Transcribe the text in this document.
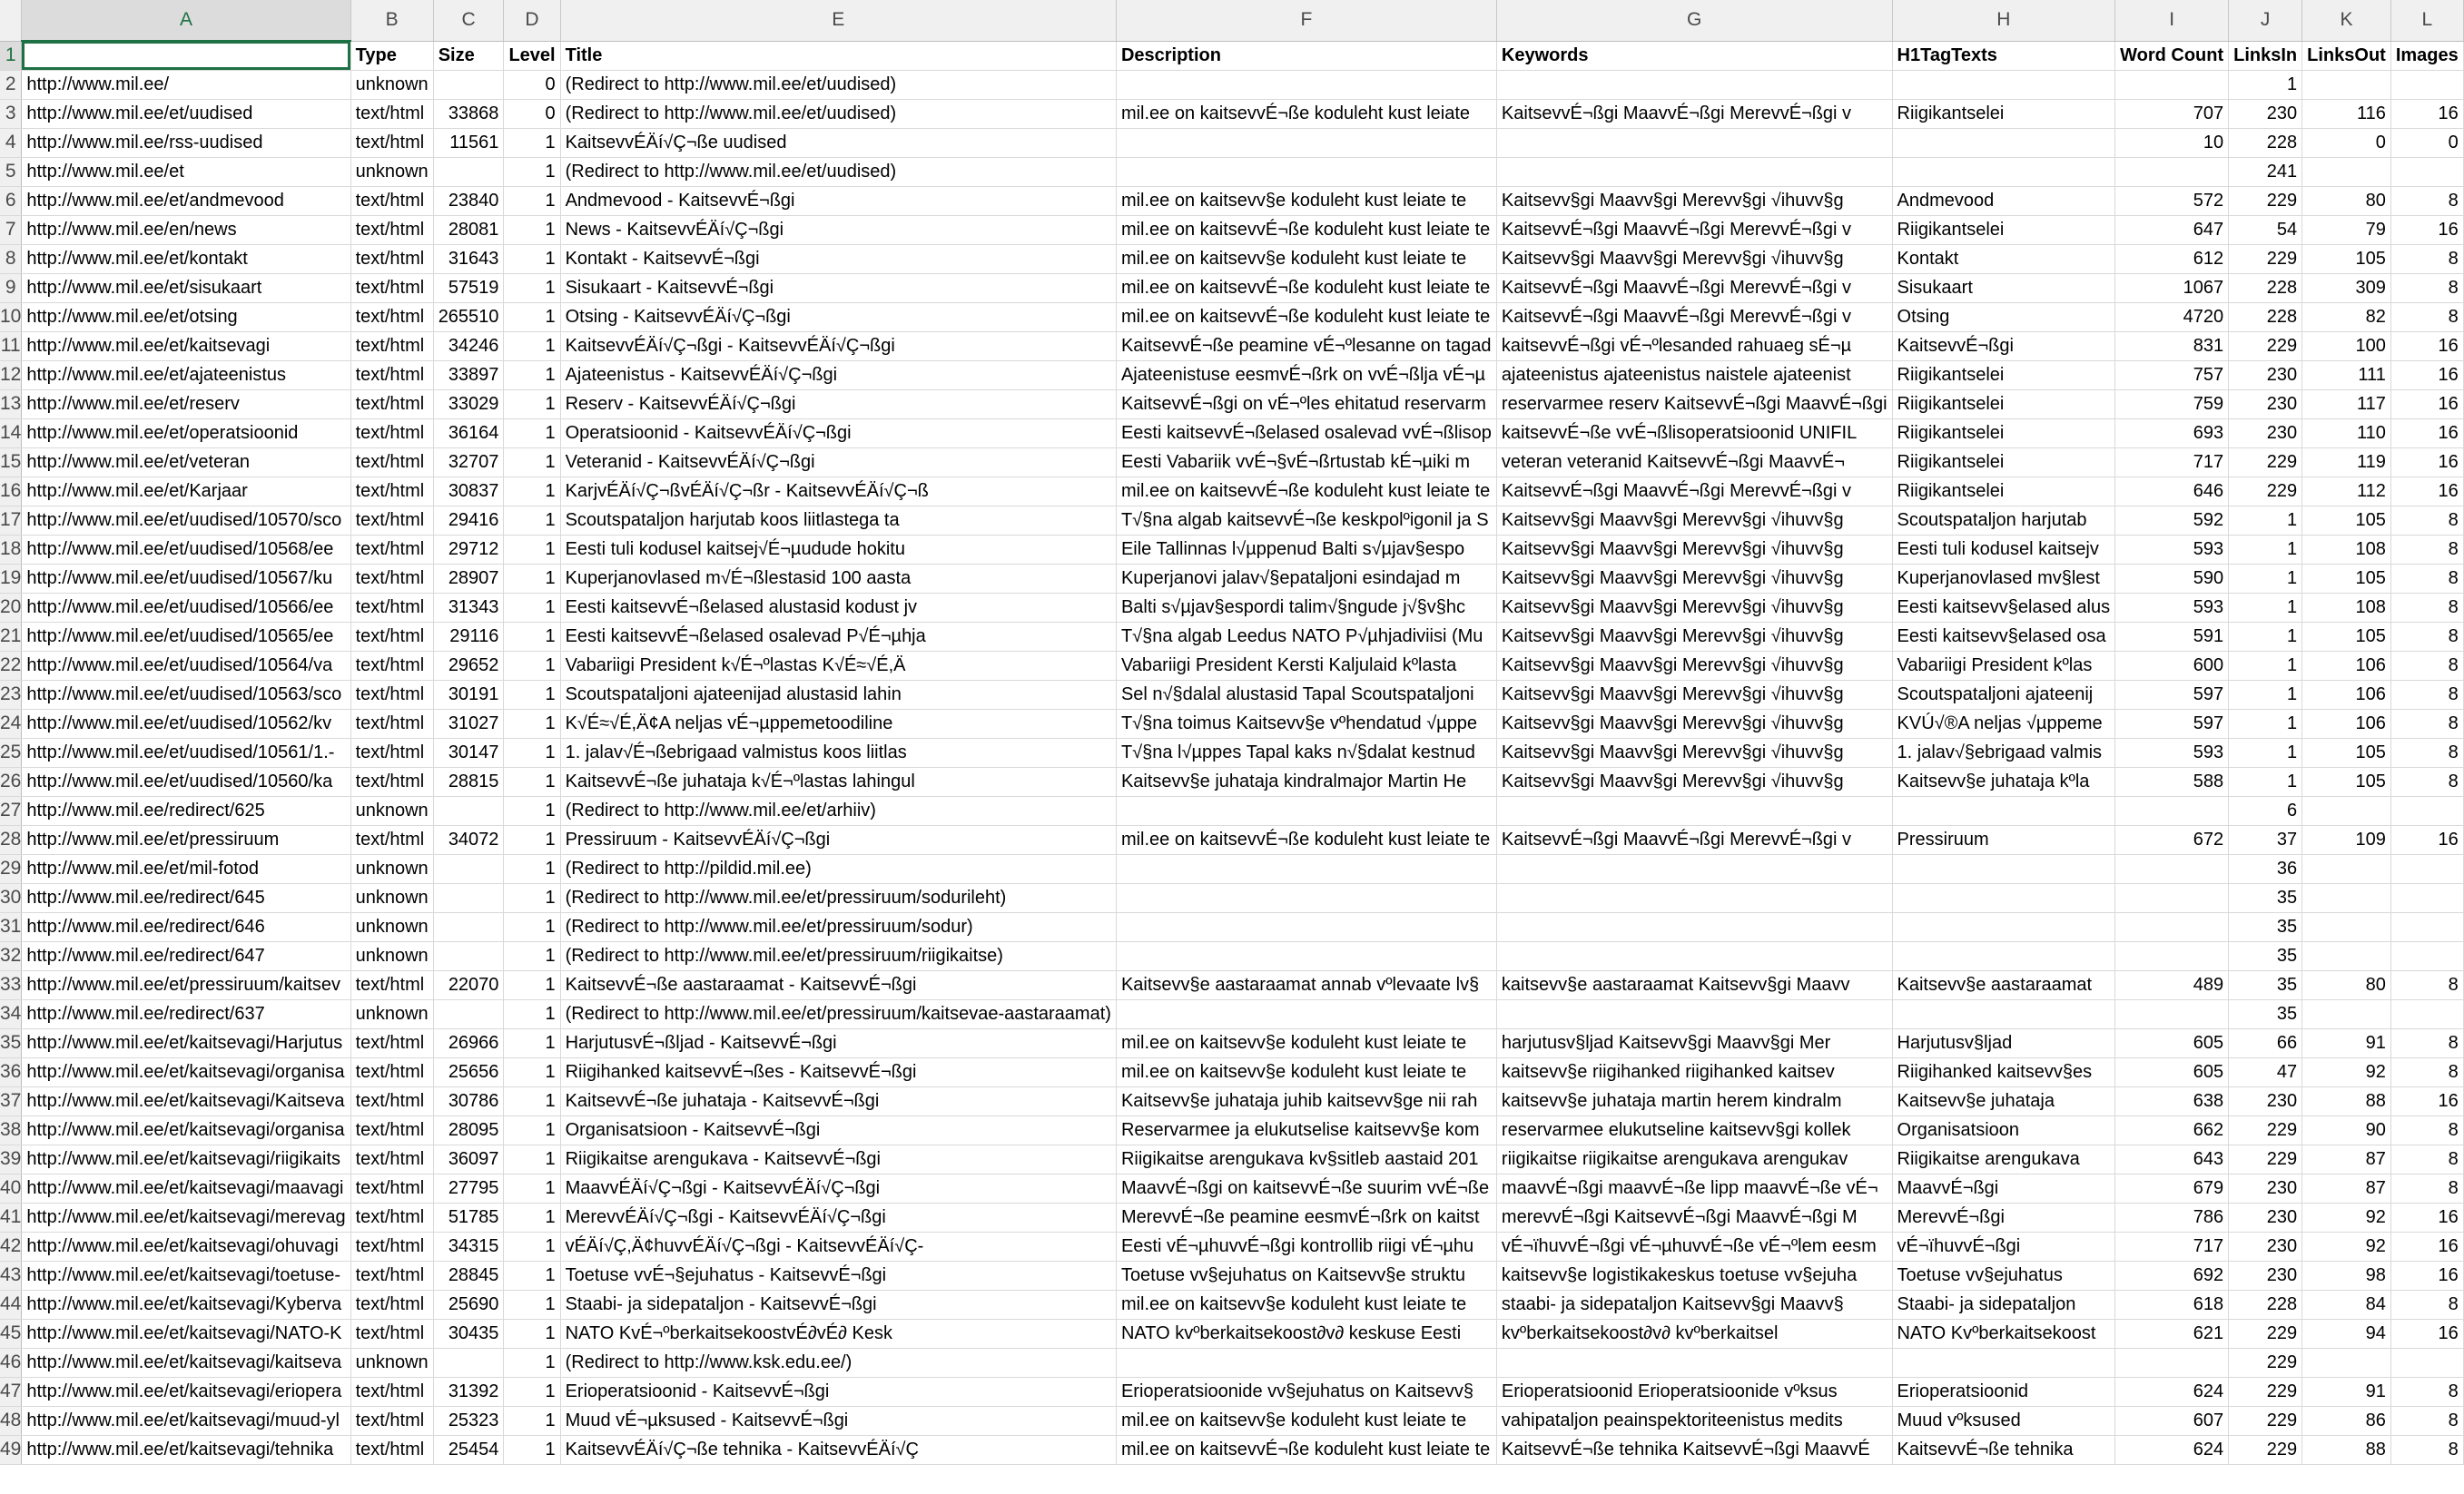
	A	B	C	D	E	F	G	H	I	J	K	L
1		Type	Size	Level	Title	Description	Keywords	H1TagTexts	Word Count	LinksIn	LinksOut	Images
2	http://www.mil.ee/	unknown		0	(Redirect to http://www.mil.ee/et/uudised)					1		
3	http://www.mil.ee/et/uudised	text/html	33868	0	(Redirect to http://www.mil.ee/et/uudised)	mil.ee on kaitsevvÉ¬ße koduleht kust leiate	KaitsevvÉ¬ßgi MaavvÉ¬ßgi MerevvÉ¬ßgi v	Riigikantselei	707	230	116	16
4	http://www.mil.ee/rss-uudised	text/html	11561	1	KaitsevvÉÄí√Ç¬ße uudised				10	228	0	0
5	http://www.mil.ee/et	unknown		1	(Redirect to http://www.mil.ee/et/uudised)					241		
6	http://www.mil.ee/et/andmevood	text/html	23840	1	Andmevood - KaitsevvÉ¬ßgi	mil.ee on kaitsevv§e koduleht kust leiate te	Kaitsevv§gi Maavv§gi Merevv§gi √ihuvv§g	Andmevood	572	229	80	8
7	http://www.mil.ee/en/news	text/html	28081	1	News - KaitsevvÉÄí√Ç¬ßgi	mil.ee on kaitsevvÉ¬ße koduleht kust leiate te	KaitsevvÉ¬ßgi MaavvÉ¬ßgi MerevvÉ¬ßgi v	Riigikantselei	647	54	79	16
8	http://www.mil.ee/et/kontakt	text/html	31643	1	Kontakt - KaitsevvÉ¬ßgi	mil.ee on kaitsevv§e koduleht kust leiate te	Kaitsevv§gi Maavv§gi Merevv§gi √ihuvv§g	Kontakt	612	229	105	8
9	http://www.mil.ee/et/sisukaart	text/html	57519	1	Sisukaart - KaitsevvÉ¬ßgi	mil.ee on kaitsevvÉ¬ße koduleht kust leiate te	KaitsevvÉ¬ßgi MaavvÉ¬ßgi MerevvÉ¬ßgi v	Sisukaart	1067	228	309	8
10	http://www.mil.ee/et/otsing	text/html	265510	1	Otsing - KaitsevvÉÄí√Ç¬ßgi	mil.ee on kaitsevvÉ¬ße koduleht kust leiate te	KaitsevvÉ¬ßgi MaavvÉ¬ßgi MerevvÉ¬ßgi v	Otsing	4720	228	82	8
11	http://www.mil.ee/et/kaitsevagi	text/html	34246	1	KaitsevvÉÄí√Ç¬ßgi - KaitsevvÉÄí√Ç¬ßgi	KaitsevvÉ¬ße peamine vÉ¬ºlesanne on tagad	kaitsevvÉ¬ßgi vÉ¬ºlesanded rahuaeg sÉ¬µ	KaitsevvÉ¬ßgi	831	229	100	16
12	http://www.mil.ee/et/ajateenistus	text/html	33897	1	Ajateenistus - KaitsevvÉÄí√Ç¬ßgi	Ajateenistuse eesmvÉ¬ßrk on vvÉ¬ßlja vÉ¬µ	ajateenistus ajateenistus naistele ajateenist	Riigikantselei	757	230	111	16
13	http://www.mil.ee/et/reserv	text/html	33029	1	Reserv - KaitsevvÉÄí√Ç¬ßgi	KaitsevvÉ¬ßgi on vÉ¬ºles ehitatud reservarm	reservarmee reserv KaitsevvÉ¬ßgi MaavvÉ¬ßgi	Riigikantselei	759	230	117	16
14	http://www.mil.ee/et/operatsioonid	text/html	36164	1	Operatsioonid - KaitsevvÉÄí√Ç¬ßgi	Eesti kaitsevvÉ¬ßelased osalevad vvÉ¬ßlisop	kaitsevvÉ¬ße vvÉ¬ßlisoperatsioonid UNIFIL	Riigikantselei	693	230	110	16
15	http://www.mil.ee/et/veteran	text/html	32707	1	Veteranid - KaitsevvÉÄí√Ç¬ßgi	Eesti Vabariik vvÉ¬§vÉ¬ßrtustab kÉ¬µiki m	veteran veteranid KaitsevvÉ¬ßgi MaavvÉ¬	Riigikantselei	717	229	119	16
16	http://www.mil.ee/et/Karjaar	text/html	30837	1	KarjvÉÄí√Ç¬ßvÉÄí√Ç¬ßr - KaitsevvÉÄí√Ç¬ß	mil.ee on kaitsevvÉ¬ße koduleht kust leiate te	KaitsevvÉ¬ßgi MaavvÉ¬ßgi MerevvÉ¬ßgi v	Riigikantselei	646	229	112	16
17	http://www.mil.ee/et/uudised/10570/sco	text/html	29416	1	Scoutspataljon harjutab koos liitlastega ta	T√§na algab kaitsevvÉ¬ße keskpolºigonil ja S	Kaitsevv§gi Maavv§gi Merevv§gi √ihuvv§g	Scoutspataljon harjutab	592	1	105	8
18	http://www.mil.ee/et/uudised/10568/ee	text/html	29712	1	Eesti tuli kodusel kaitsej√É¬µudude hokitu	Eile Tallinnas l√µppenud Balti s√µjav§espo	Kaitsevv§gi Maavv§gi Merevv§gi √ihuvv§g	Eesti tuli kodusel kaitsejv	593	1	108	8
19	http://www.mil.ee/et/uudised/10567/ku	text/html	28907	1	Kuperjanovlased m√É¬ßlestasid 100 aasta	Kuperjanovi jalav√§epataljoni esindajad m	Kaitsevv§gi Maavv§gi Merevv§gi √ihuvv§g	Kuperjanovlased mv§lest	590	1	105	8
20	http://www.mil.ee/et/uudised/10566/ee	text/html	31343	1	Eesti kaitsevvÉ¬ßelased alustasid kodust jv	Balti s√µjav§espordi talim√§ngude j√§v§hc	Kaitsevv§gi Maavv§gi Merevv§gi √ihuvv§g	Eesti kaitsevv§elased alus	593	1	108	8
21	http://www.mil.ee/et/uudised/10565/ee	text/html	29116	1	Eesti kaitsevvÉ¬ßelased osalevad P√É¬µhja	T√§na algab Leedus NATO P√µhjadiviisi (Mu	Kaitsevv§gi Maavv§gi Merevv§gi √ihuvv§g	Eesti kaitsevv§elased osa	591	1	105	8
22	http://www.mil.ee/et/uudised/10564/va	text/html	29652	1	Vabariigi President k√É¬ºlastas K√É≈√É,Ä	Vabariigi President Kersti Kaljulaid kºlasta	Kaitsevv§gi Maavv§gi Merevv§gi √ihuvv§g	Vabariigi President kºlas	600	1	106	8
23	http://www.mil.ee/et/uudised/10563/sco	text/html	30191	1	Scoutspataljoni ajateenijad alustasid lahin	Sel n√§dalal alustasid Tapal Scoutspataljoni	Kaitsevv§gi Maavv§gi Merevv§gi √ihuvv§g	Scoutspataljoni ajateenij	597	1	106	8
24	http://www.mil.ee/et/uudised/10562/kv	text/html	31027	1	K√É≈√É,Ä¢A neljas vÉ¬µppemetoodiline	T√§na toimus Kaitsevv§e vºhendatud √µppe	Kaitsevv§gi Maavv§gi Merevv§gi √ihuvv§g	KVÚ√®A neljas √µppeme	597	1	106	8
25	http://www.mil.ee/et/uudised/10561/1.-	text/html	30147	1	1. jalav√É¬ßebrigaad valmistus koos liitlas	T√§na l√µppes Tapal kaks n√§dalat kestnud	Kaitsevv§gi Maavv§gi Merevv§gi √ihuvv§g	1. jalav√§ebrigaad valmis	593	1	105	8
26	http://www.mil.ee/et/uudised/10560/ka	text/html	28815	1	KaitsevvÉ¬ße juhataja k√É¬ºlastas lahingul	Kaitsevv§e juhataja kindralmajor Martin He	Kaitsevv§gi Maavv§gi Merevv§gi √ihuvv§g	Kaitsevv§e juhataja kºla	588	1	105	8
27	http://www.mil.ee/redirect/625	unknown		1	(Redirect to http://www.mil.ee/et/arhiiv)					6		
28	http://www.mil.ee/et/pressiruum	text/html	34072	1	Pressiruum - KaitsevvÉÄí√Ç¬ßgi	mil.ee on kaitsevvÉ¬ße koduleht kust leiate te	KaitsevvÉ¬ßgi MaavvÉ¬ßgi MerevvÉ¬ßgi v	Pressiruum	672	37	109	16
29	http://www.mil.ee/et/mil-fotod	unknown		1	(Redirect to http://pildid.mil.ee)					36		
30	http://www.mil.ee/redirect/645	unknown		1	(Redirect to http://www.mil.ee/et/pressiruum/sodurileht)					35		
31	http://www.mil.ee/redirect/646	unknown		1	(Redirect to http://www.mil.ee/et/pressiruum/sodur)					35		
32	http://www.mil.ee/redirect/647	unknown		1	(Redirect to http://www.mil.ee/et/pressiruum/riigikaitse)					35		
33	http://www.mil.ee/et/pressiruum/kaitsev	text/html	22070	1	KaitsevvÉ¬ße aastaraamat - KaitsevvÉ¬ßgi	Kaitsevv§e aastaraamat annab vºlevaate lv§	kaitsevv§e aastaraamat Kaitsevv§gi Maavv	Kaitsevv§e aastaraamat	489	35	80	8
34	http://www.mil.ee/redirect/637	unknown		1	(Redirect to http://www.mil.ee/et/pressiruum/kaitsevae-aastaraamat)					35		
35	http://www.mil.ee/et/kaitsevagi/Harjutus	text/html	26966	1	HarjutusvÉ¬ßljad - KaitsevvÉ¬ßgi	mil.ee on kaitsevv§e koduleht kust leiate te	harjutusv§ljad Kaitsevv§gi Maavv§gi Mer	Harjutusv§ljad	605	66	91	8
36	http://www.mil.ee/et/kaitsevagi/organisa	text/html	25656	1	Riigihanked kaitsevvÉ¬ßes - KaitsevvÉ¬ßgi	mil.ee on kaitsevv§e koduleht kust leiate te	kaitsevv§e riigihanked riigihanked kaitsev	Riigihanked kaitsevv§es	605	47	92	8
37	http://www.mil.ee/et/kaitsevagi/Kaitseva	text/html	30786	1	KaitsevvÉ¬ße juhataja - KaitsevvÉ¬ßgi	Kaitsevv§e juhataja juhib kaitsevv§ge nii rah	kaitsevv§e juhataja martin herem kindralm	Kaitsevv§e juhataja	638	230	88	16
38	http://www.mil.ee/et/kaitsevagi/organisa	text/html	28095	1	Organisatsioon - KaitsevvÉ¬ßgi	Reservarmee ja elukutselise kaitsevv§e kom	reservarmee elukutseline kaitsevv§gi kollek	Organisatsioon	662	229	90	8
39	http://www.mil.ee/et/kaitsevagi/riigikaits	text/html	36097	1	Riigikaitse arengukava - KaitsevvÉ¬ßgi	Riigikaitse arengukava kv§sitleb aastaid 201	riigikaitse riigikaitse arengukava arengukav	Riigikaitse arengukava	643	229	87	8
40	http://www.mil.ee/et/kaitsevagi/maavagi	text/html	27795	1	MaavvÉÄí√Ç¬ßgi - KaitsevvÉÄí√Ç¬ßgi	MaavvÉ¬ßgi on kaitsevvÉ¬ße suurim vvÉ¬ße	maavvÉ¬ßgi maavvÉ¬ße lipp maavvÉ¬ße vÉ¬	MaavvÉ¬ßgi	679	230	87	8
41	http://www.mil.ee/et/kaitsevagi/merevag	text/html	51785	1	MerevvÉÄí√Ç¬ßgi - KaitsevvÉÄí√Ç¬ßgi	MerevvÉ¬ße peamine eesmvÉ¬ßrk on kaitst	merevvÉ¬ßgi KaitsevvÉ¬ßgi MaavvÉ¬ßgi M	MerevvÉ¬ßgi	786	230	92	16
42	http://www.mil.ee/et/kaitsevagi/ohuvagi	text/html	34315	1	vÉÄí√Ç,Ä¢huvvÉÄí√Ç¬ßgi - KaitsevvÉÄí√Ç-	Eesti vÉ¬µhuvvÉ¬ßgi kontrollib riigi vÉ¬µhu	vÉ¬ïhuvvÉ¬ßgi vÉ¬µhuvvÉ¬ße vÉ¬ºlem eesm	vÉ¬ïhuvvÉ¬ßgi	717	230	92	16
43	http://www.mil.ee/et/kaitsevagi/toetuse-	text/html	28845	1	Toetuse vvÉ¬§ejuhatus - KaitsevvÉ¬ßgi	Toetuse vv§ejuhatus on Kaitsevv§e struktu	kaitsevv§e logistikakeskus toetuse vv§ejuha	Toetuse vv§ejuhatus	692	230	98	16
44	http://www.mil.ee/et/kaitsevagi/Kyberva	text/html	25690	1	Staabi- ja sidepataljon - KaitsevvÉ¬ßgi	mil.ee on kaitsevv§e koduleht kust leiate te	staabi- ja sidepataljon Kaitsevv§gi Maavv§	Staabi- ja sidepataljon	618	228	84	8
45	http://www.mil.ee/et/kaitsevagi/NATO-K	text/html	30435	1	NATO KvÉ¬ºberkaitsekoostvÉ∂vÉ∂ Kesk	NATO kvºberkaitsekoost∂v∂ keskuse Eesti	kvºberkaitsekoost∂v∂ kvºberkaitsel	NATO Kvºberkaitsekoost	621	229	94	16
46	http://www.mil.ee/et/kaitsevagi/kaitseva	unknown		1	(Redirect to http://www.ksk.edu.ee/)					229		
47	http://www.mil.ee/et/kaitsevagi/eriopera	text/html	31392	1	Erioperatsioonid - KaitsevvÉ¬ßgi	Erioperatsioonide vv§ejuhatus on Kaitsevv§	Erioperatsioonid Erioperatsioonide vºksus	Erioperatsioonid	624	229	91	8
48	http://www.mil.ee/et/kaitsevagi/muud-yl	text/html	25323	1	Muud vÉ¬µksused - KaitsevvÉ¬ßgi	mil.ee on kaitsevv§e koduleht kust leiate te	vahipataljon peainspektoriteenistus medits	Muud vºksused	607	229	86	8
49	http://www.mil.ee/et/kaitsevagi/tehnika	text/html	25454	1	KaitsevvÉÄí√Ç¬ße tehnika - KaitsevvÉÄí√Ç	mil.ee on kaitsevvÉ¬ße koduleht kust leiate te	KaitsevvÉ¬ße tehnika KaitsevvÉ¬ßgi MaavvÉ	KaitsevvÉ¬ße tehnika	624	229	88	8
